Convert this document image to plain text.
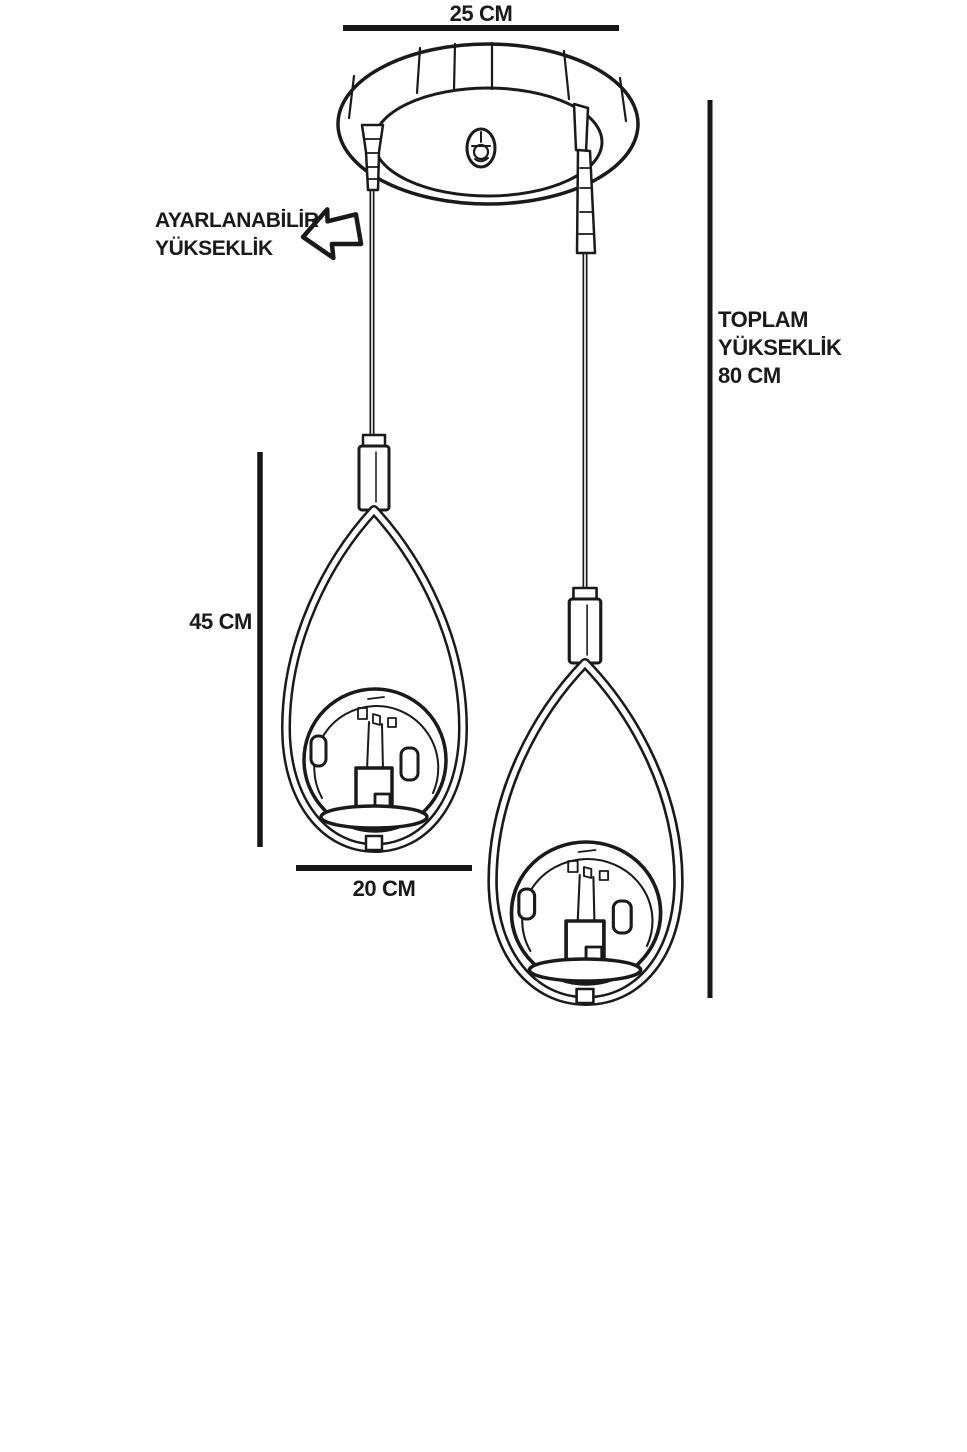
25 CM
AYARLANABİLİR
YÜKSEKLİK
45 CM
20 CM
TOPLAM
YÜKSEKLİK
80 CM
